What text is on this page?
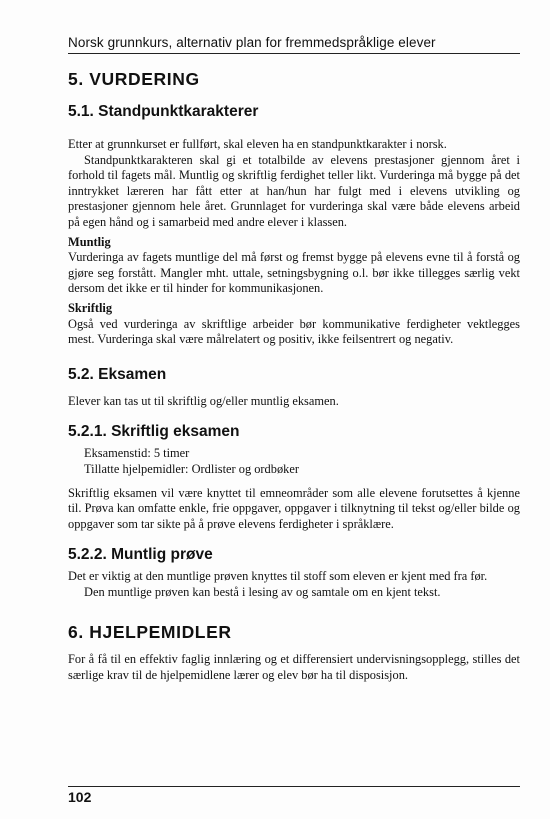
Norsk grunnkurs, alternativ plan for fremmedspråklige elever
5. VURDERING
5.1. Standpunktkarakterer

Etter at grunnkurset er fullført, skal eleven ha en standpunktkarakter i norsk.

Standpunktkarakteren skal gi et totalbilde av elevens prestasjoner gjennom året i forhold til fagets mål. Muntlig og skriftlig ferdighet teller likt. Vurderinga må bygge på det inntrykket læreren har fått etter at han/hun har fulgt med i elevens utvikling og prestasjoner gjennom hele året. Grunnlaget for vurderinga skal være både elevens arbeid på egen hånd og i samarbeid med andre elever i klassen.

Muntlig

Vurderinga av fagets muntlige del må først og fremst bygge på elevens evne til å forstå og gjøre seg forstått. Mangler mht. uttale, setningsbygning o.l. bør ikke tillegges særlig vekt dersom det ikke er til hinder for kommunikasjonen.

Skriftlig

Også ved vurderinga av skriftlige arbeider bør kommunikative ferdigheter vektlegges mest. Vurderinga skal være målrelatert og positiv, ikke feilsentrert og negativ.

5.2. Eksamen

Elever kan tas ut til skriftlig og/eller muntlig eksamen.

5.2.1. Skriftlig eksamen

Eksamenstid: 5 timer

Tillatte hjelpemidler: Ordlister og ordbøker

Skriftlig eksamen vil være knyttet til emneområder som alle elevene forutsettes å kjenne til. Prøva kan omfatte enkle, frie oppgaver, oppgaver i tilknytning til tekst og/eller bilde og oppgaver som tar sikte på å prøve elevens ferdigheter i språklære.

5.2.2. Muntlig prøve

Det er viktig at den muntlige prøven knyttes til stoff som eleven er kjent med fra før.

Den muntlige prøven kan bestå i lesing av og samtale om en kjent tekst.

6. HJELPEMIDLER

For å få til en effektiv faglig innlæring og et differensiert undervisningsopplegg, stilles det særlige krav til de hjelpemidlene lærer og elev bør ha til disposisjon.

102
